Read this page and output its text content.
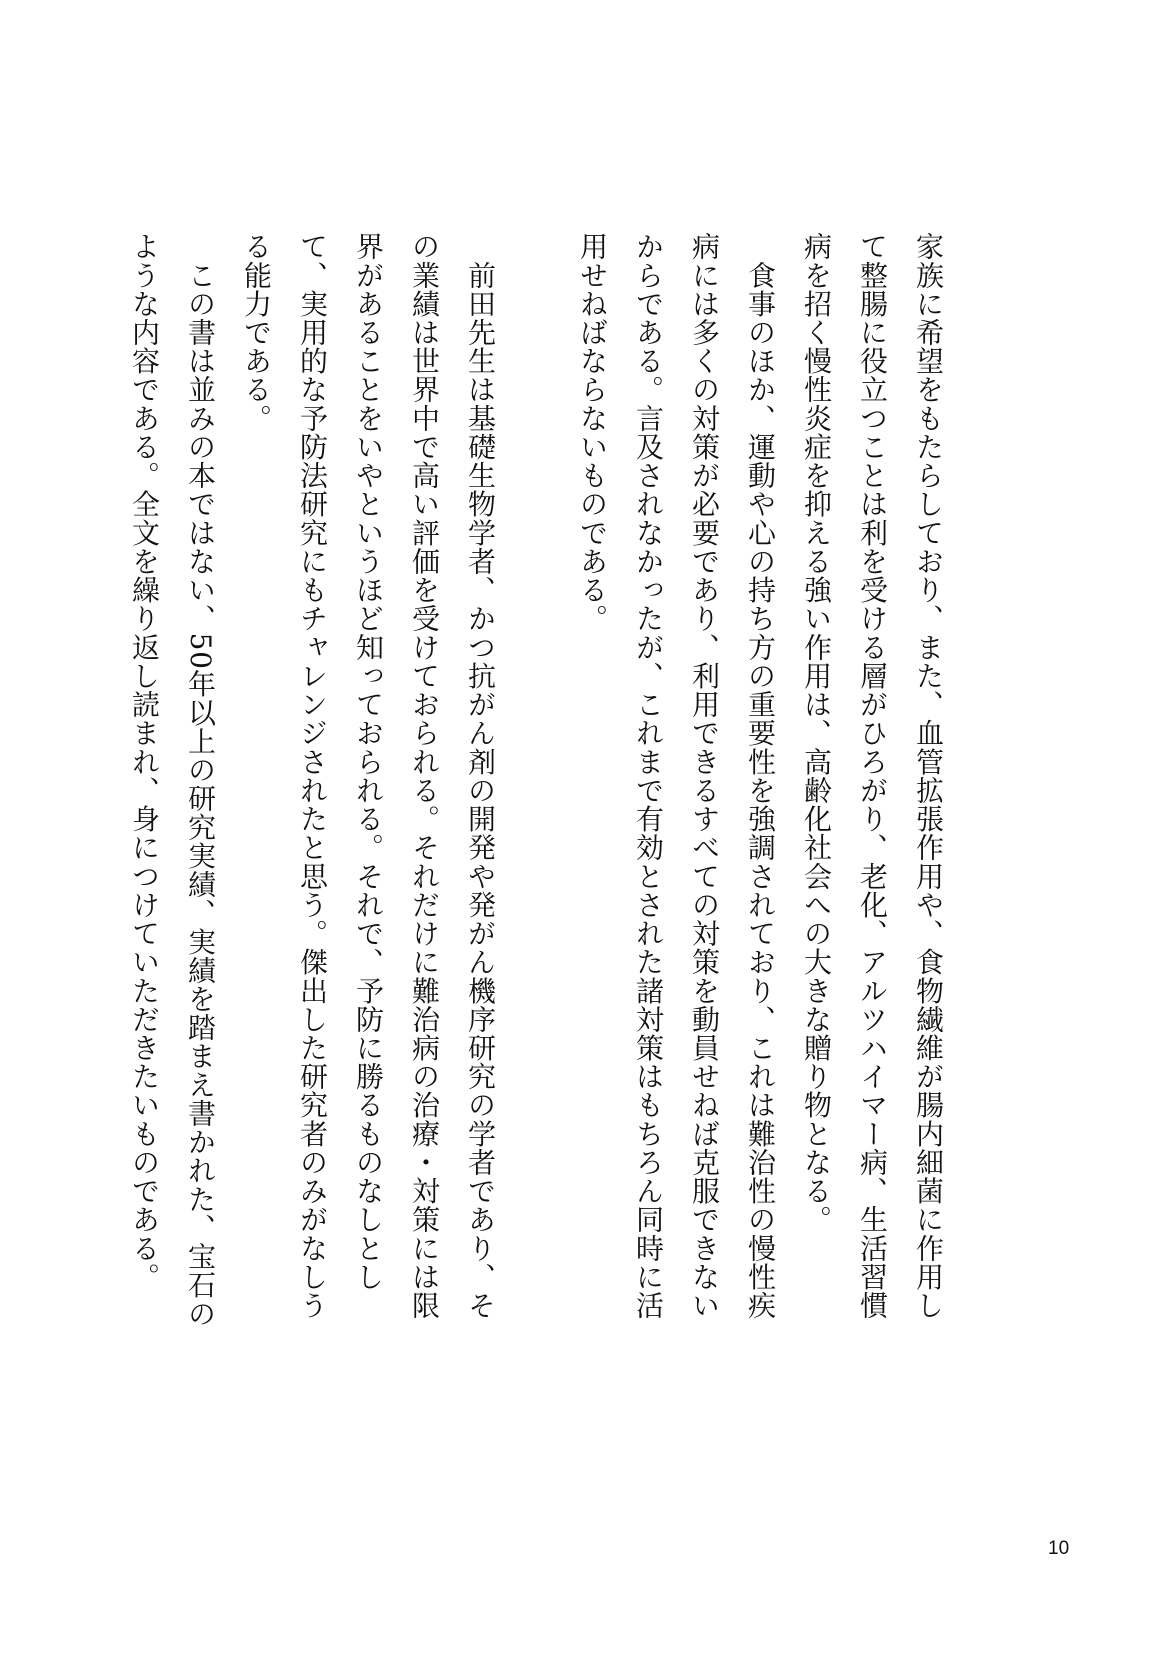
家族に希望をもたらしており、また、血管拡張作用や、食物繊維が腸内細菌に作用し
て整腸に役立つことは利を受ける層がひろがり、老化、アルツハイマー病、生活習慣
病を招く慢性炎症を抑える強い作用は、高齢化社会への大きな贈り物となる。
　食事のほか、運動や心の持ち方の重要性を強調されており、これは難治性の慢性疾
病には多くの対策が必要であり、利用できるすべての対策を動員せねば克服できない
からである。言及されなかったが、これまで有効とされた諸対策はもちろん同時に活
用せねばならないものである。
　前田先生は基礎生物学者、かつ抗がん剤の開発や発がん機序研究の学者であり、そ
の業績は世界中で高い評価を受けておられる。それだけに難治病の治療・対策には限
界があることをいやというほど知っておられる。それで、予防に勝るものなしとし
て、実用的な予防法研究にもチャレンジされたと思う。傑出した研究者のみがなしう
る能力である。
　この書は並みの本ではない、50年以上の研究実績、実績を踏まえ書かれた、宝石の
ような内容である。全文を繰り返し読まれ、身につけていただきたいものである。
10
